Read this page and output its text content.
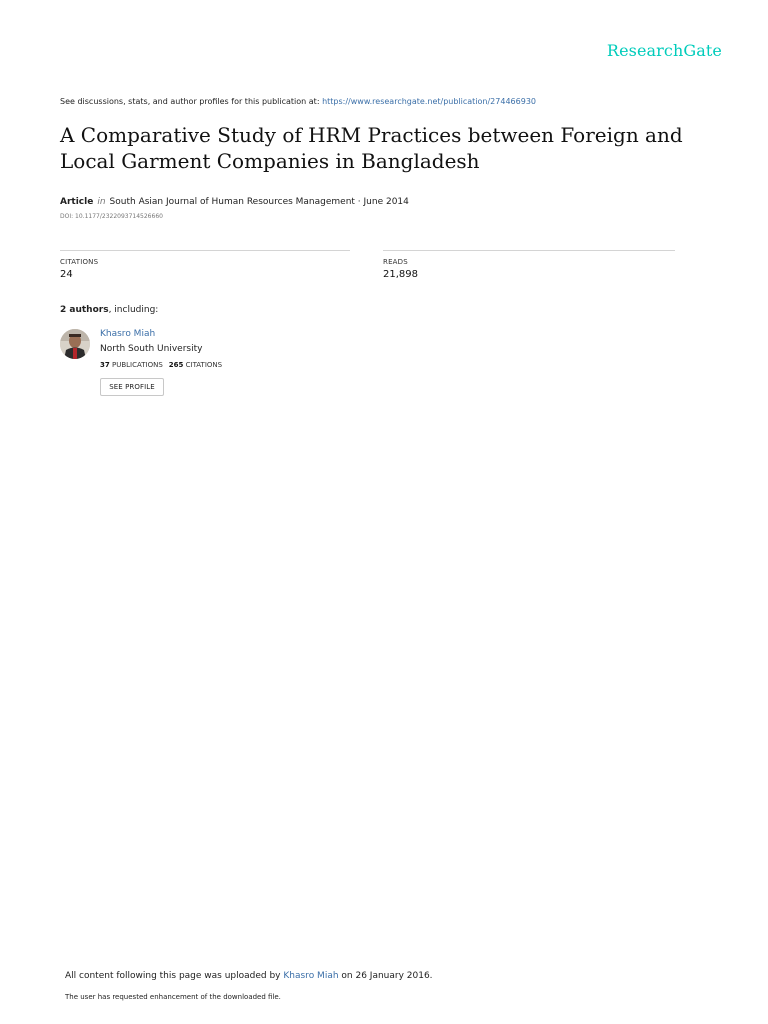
ResearchGate
See discussions, stats, and author profiles for this publication at: https://www.researchgate.net/publication/274466930
A Comparative Study of HRM Practices between Foreign and Local Garment Companies in Bangladesh
Article in South Asian Journal of Human Resources Management · June 2014
DOI: 10.1177/2322093714526660
CITATIONS
24
READS
21,898
2 authors, including:
Khasro Miah
North South University
37 PUBLICATIONS 265 CITATIONS
SEE PROFILE
All content following this page was uploaded by Khasro Miah on 26 January 2016.
The user has requested enhancement of the downloaded file.
